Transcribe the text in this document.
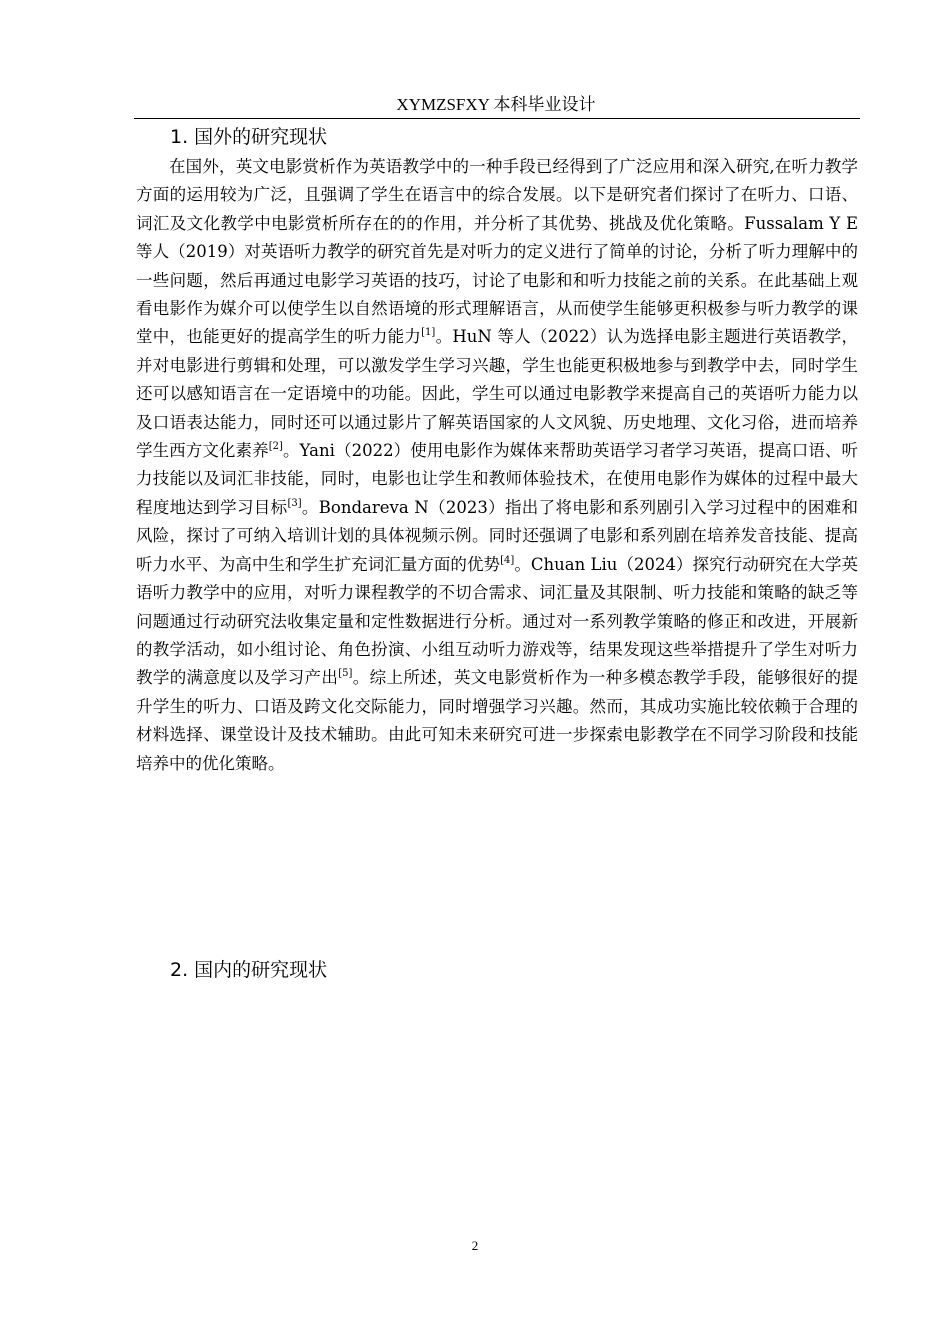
XYMZSFXY 本科毕业设计
1. 国外的研究现状

在国外，英文电影赏析作为英语教学中的一种手段已经得到了广泛应用和深入研究,在听力教学方面的运用较为广泛，且强调了学生在语言中的综合发展。以下是研究者们探讨了在听力、口语、词汇及文化教学中电影赏析所存在的的作用，并分析了其优势、挑战及优化策略。Fussalam Y E 等人（2019）对英语听力教学的研究首先是对听力的定义进行了简单的讨论，分析了听力理解中的一些问题，然后再通过电影学习英语的技巧，讨论了电影和和听力技能之前的关系。在此基础上观看电影作为媒介可以使学生以自然语境的形式理解语言，从而使学生能够更积极参与听力教学的课堂中，也能更好的提高学生的听力能力[1]。HuN 等人（2022）认为选择电影主题进行英语教学，并对电影进行剪辑和处理，可以激发学生学习兴趣，学生也能更积极地参与到教学中去，同时学生还可以感知语言在一定语境中的功能。因此，学生可以通过电影教学来提高自己的英语听力能力以及口语表达能力，同时还可以通过影片了解英语国家的人文风貌、历史地理、文化习俗，进而培养学生西方文化素养[2]。Yani（2022）使用电影作为媒体来帮助英语学习者学习英语，提高口语、听力技能以及词汇非技能，同时，电影也让学生和教师体验技术，在使用电影作为媒体的过程中最大程度地达到学习目标[3]。Bondareva N（2023）指出了将电影和系列剧引入学习过程中的困难和风险，探讨了可纳入培训计划的具体视频示例。同时还强调了电影和系列剧在培养发音技能、提高听力水平、为高中生和学生扩充词汇量方面的优势[4]。Chuan Liu（2024）探究行动研究在大学英语听力教学中的应用，对听力课程教学的不切合需求、词汇量及其限制、听力技能和策略的缺乏等问题通过行动研究法收集定量和定性数据进行分析。通过对一系列教学策略的修正和改进，开展新的教学活动，如小组讨论、角色扮演、小组互动听力游戏等，结果发现这些举措提升了学生对听力教学的满意度以及学习产出[5]。综上所述，英文电影赏析作为一种多模态教学手段，能够很好的提升学生的听力、口语及跨文化交际能力，同时增强学习兴趣。然而，其成功实施比较依赖于合理的材料选择、课堂设计及技术辅助。由此可知未来研究可进一步探索电影教学在不同学习阶段和技能培养中的优化策略。

2. 国内的研究现状
2
